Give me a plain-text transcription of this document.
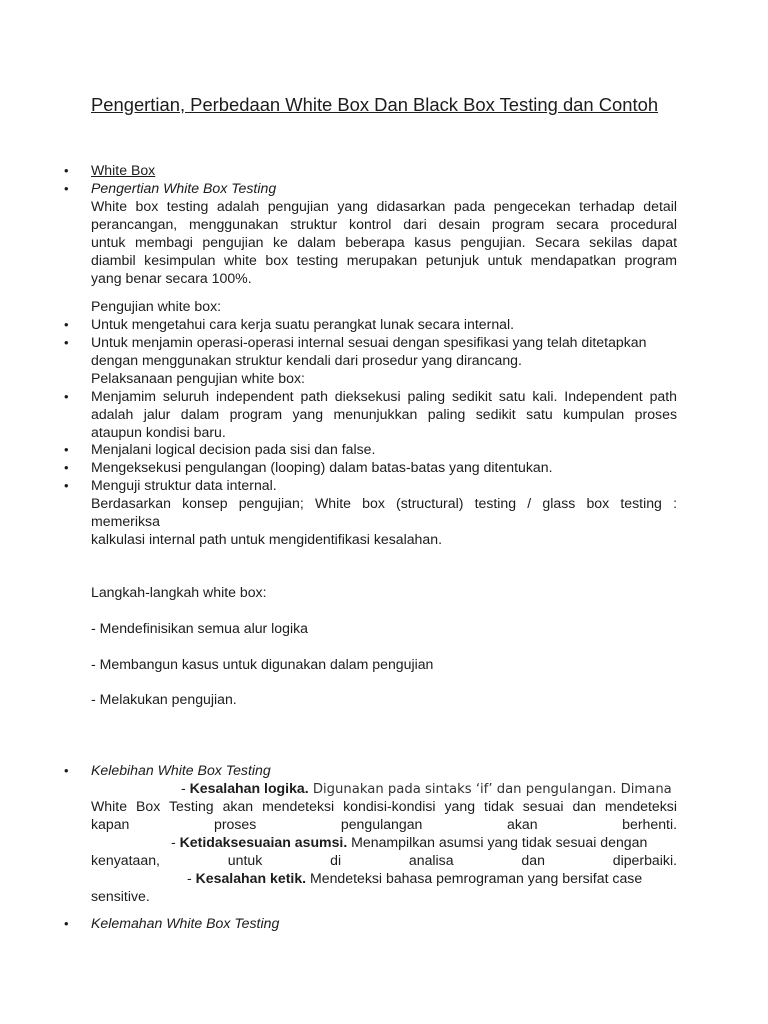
Pengertian, Perbedaan White Box Dan Black Box Testing dan Contoh
• White Box
• Pengertian White Box Testing
White box testing adalah pengujian yang didasarkan pada pengecekan terhadap detail
perancangan, menggunakan struktur kontrol dari desain program secara procedural
untuk membagi pengujian ke dalam beberapa kasus pengujian. Secara sekilas dapat
diambil kesimpulan white box testing merupakan petunjuk untuk mendapatkan program
yang benar secara 100%.
Pengujian white box:
• Untuk mengetahui cara kerja suatu perangkat lunak secara internal.
• Untuk menjamin operasi-operasi internal sesuai dengan spesifikasi yang telah ditetapkan
dengan menggunakan struktur kendali dari prosedur yang dirancang.
Pelaksanaan pengujian white box:
• Menjamim seluruh independent path dieksekusi paling sedikit satu kali. Independent path
adalah jalur dalam program yang menunjukkan paling sedikit satu kumpulan proses
ataupun kondisi baru.
• Menjalani logical decision pada sisi dan false.
• Mengeksekusi pengulangan (looping) dalam batas-batas yang ditentukan.
• Menguji struktur data internal.
Berdasarkan konsep pengujian; White box (structural) testing / glass box testing :
memeriksa
kalkulasi internal path untuk mengidentifikasi kesalahan.
Langkah-langkah white box:
- Mendefinisikan semua alur logika
- Membangun kasus untuk digunakan dalam pengujian
- Melakukan pengujian.
• Kelebihan White Box Testing
- Kesalahan logika. Digunakan pada sintaks ‘if’ dan pengulangan. Dimana
White Box Testing akan mendeteksi kondisi-kondisi yang tidak sesuai dan mendeteksi
kapan proses pengulangan akan berhenti.
- Ketidaksesuaian asumsi. Menampilkan asumsi yang tidak sesuai dengan
kenyataan, untuk di analisa dan diperbaiki.
- Kesalahan ketik. Mendeteksi bahasa pemrograman yang bersifat case
sensitive.
• Kelemahan White Box Testing
